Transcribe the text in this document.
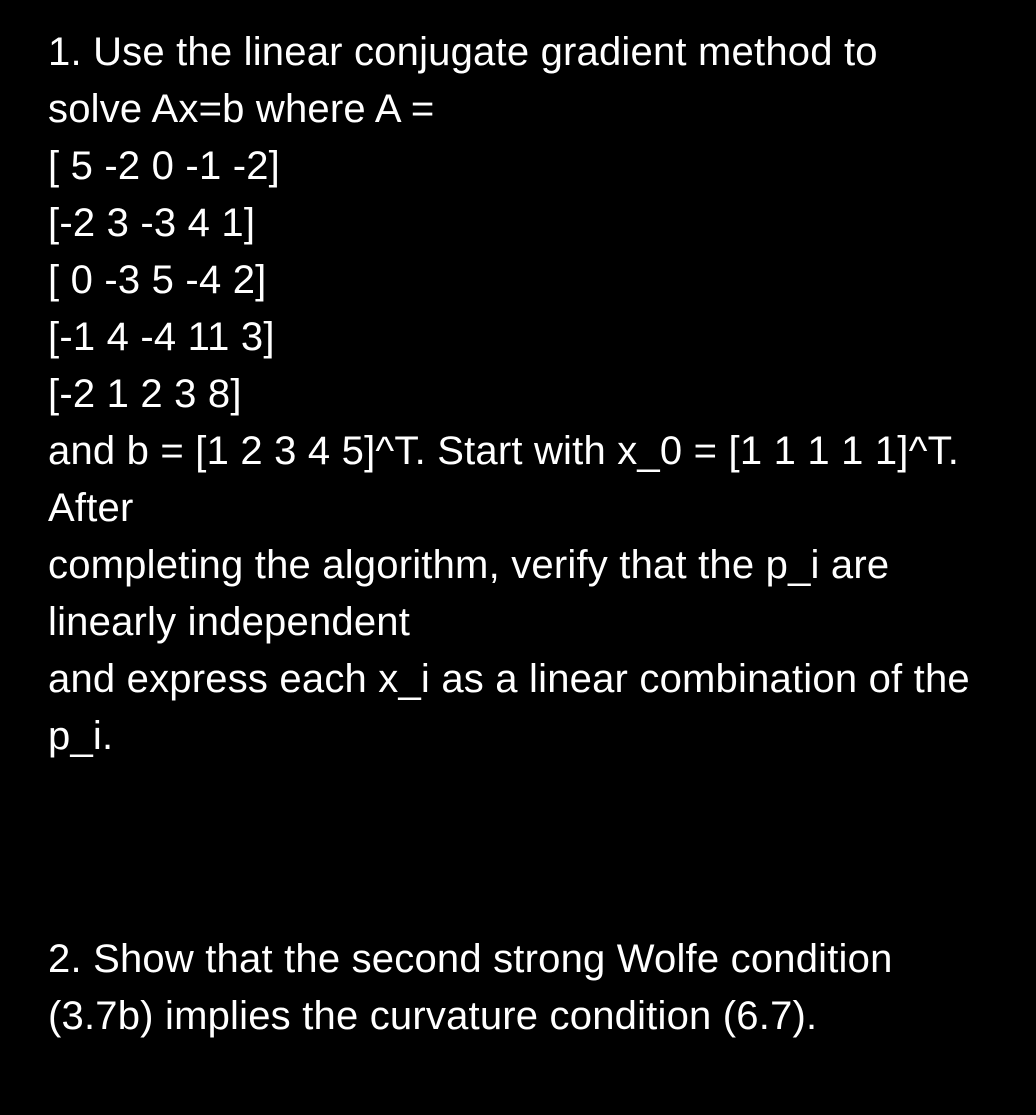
1. Use the linear conjugate gradient method to
solve Ax=b where A =
[ 5 -2 0 -1 -2]
[-2 3 -3 4 1]
[ 0 -3 5 -4 2]
[-1 4 -4 11 3]
[-2 1 2 3 8]
and b = [1 2 3 4 5]^T. Start with x_0 = [1 1 1 1 1]^T.
After
completing the algorithm, verify that the p_i are
linearly independent
and express each x_i as a linear combination of the
p_i.
2. Show that the second strong Wolfe condition
(3.7b) implies the curvature condition (6.7).
